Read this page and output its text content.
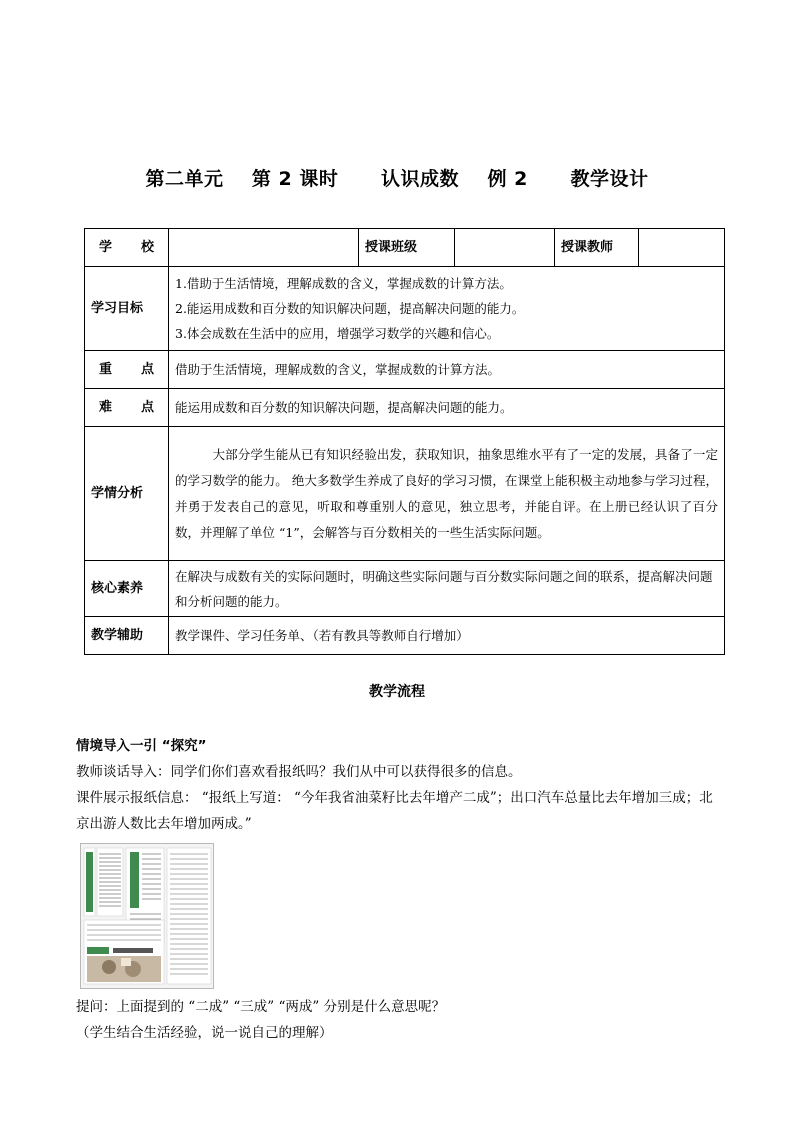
第二单元    第 2 课时      认识成数    例 2      教学设计
学 校		授课班级		授课教师	
学习目标	1.借助于生活情境，理解成数的含义，掌握成数的计算方法。
2.能运用成数和百分数的知识解决问题，提高解决问题的能力。
3.体会成数在生活中的应用，增强学习数学的兴趣和信心。				

重 点	借助于生活情境，理解成数的含义，掌握成数的计算方法。				

难 点	能运用成数和百分数的知识解决问题，提高解决问题的能力。				
学情分析	大部分学生能从已有知识经验出发，获取知识，抽象思维水平有了一定的发展，具备了一定的学习数学的能力。 绝大多数学生养成了良好的学习习惯，在课堂上能积极主动地参与学习过程，并勇于发表自己的意见，听取和尊重别人的意见，独立思考，并能自评。在上册已经认识了百分数，并理解了单位 “1”，会解答与百分数相关的一些生活实际问题。				

核心素养	在解决与成数有关的实际问题时，明确这些实际问题与百分数实际问题之间的联系，提高解决问题和分析问题的能力。				
教学辅助	教学课件、学习任务单、（若有教具等教师自行增加）				
教学流程
情境导入一引 “探究”
教师谈话导入：同学们你们喜欢看报纸吗？我们从中可以获得很多的信息。
课件展示报纸信息： “报纸上写道： “今年我省油菜籽比去年增产二成”；出口汽车总量比去年增加三成；北京出游人数比去年增加两成。”
提问：上面提到的 “二成” “三成” “两成” 分别是什么意思呢？
（学生结合生活经验，说一说自己的理解）
